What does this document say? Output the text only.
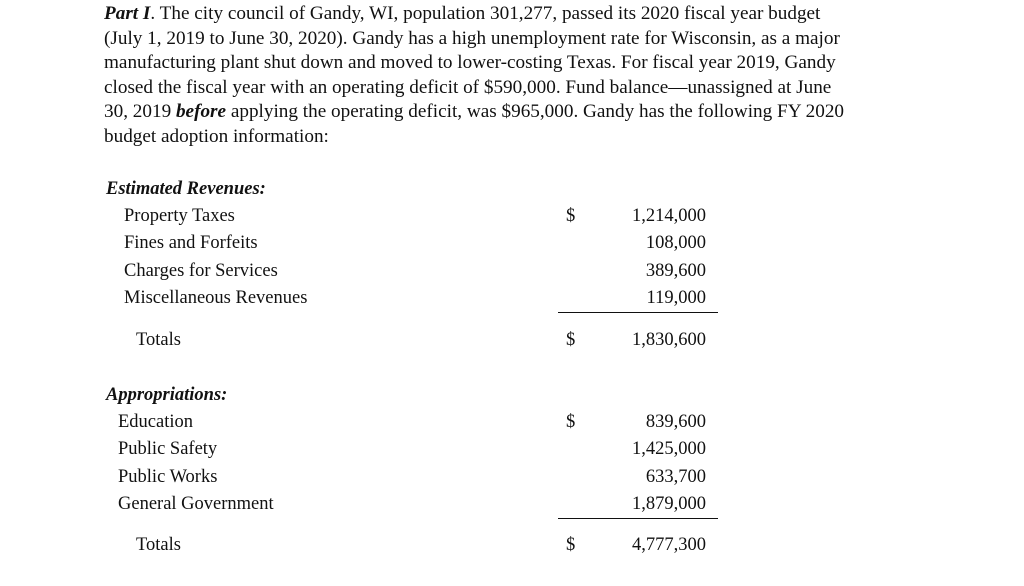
Part I. The city council of Gandy, WI, population 301,277, passed its 2020 fiscal year budget
(July 1, 2019 to June 30, 2020). Gandy has a high unemployment rate for Wisconsin, as a major
manufacturing plant shut down and moved to lower-costing Texas. For fiscal year 2019, Gandy
closed the fiscal year with an operating deficit of $590,000. Fund balance—unassigned at June
30, 2019 before applying the operating deficit, was $965,000. Gandy has the following FY 2020
budget adoption information:

Estimated Revenues:
Property Taxes	$	1,214,000
Fines and Forfeits	108,000
Charges for Services	389,600
Miscellaneous Revenues	119,000
Totals	$	1,830,600
Appropriations:
Education	$	839,600
Public Safety	1,425,000
Public Works	633,700
General Government	1,879,000
Totals	$	4,777,300
